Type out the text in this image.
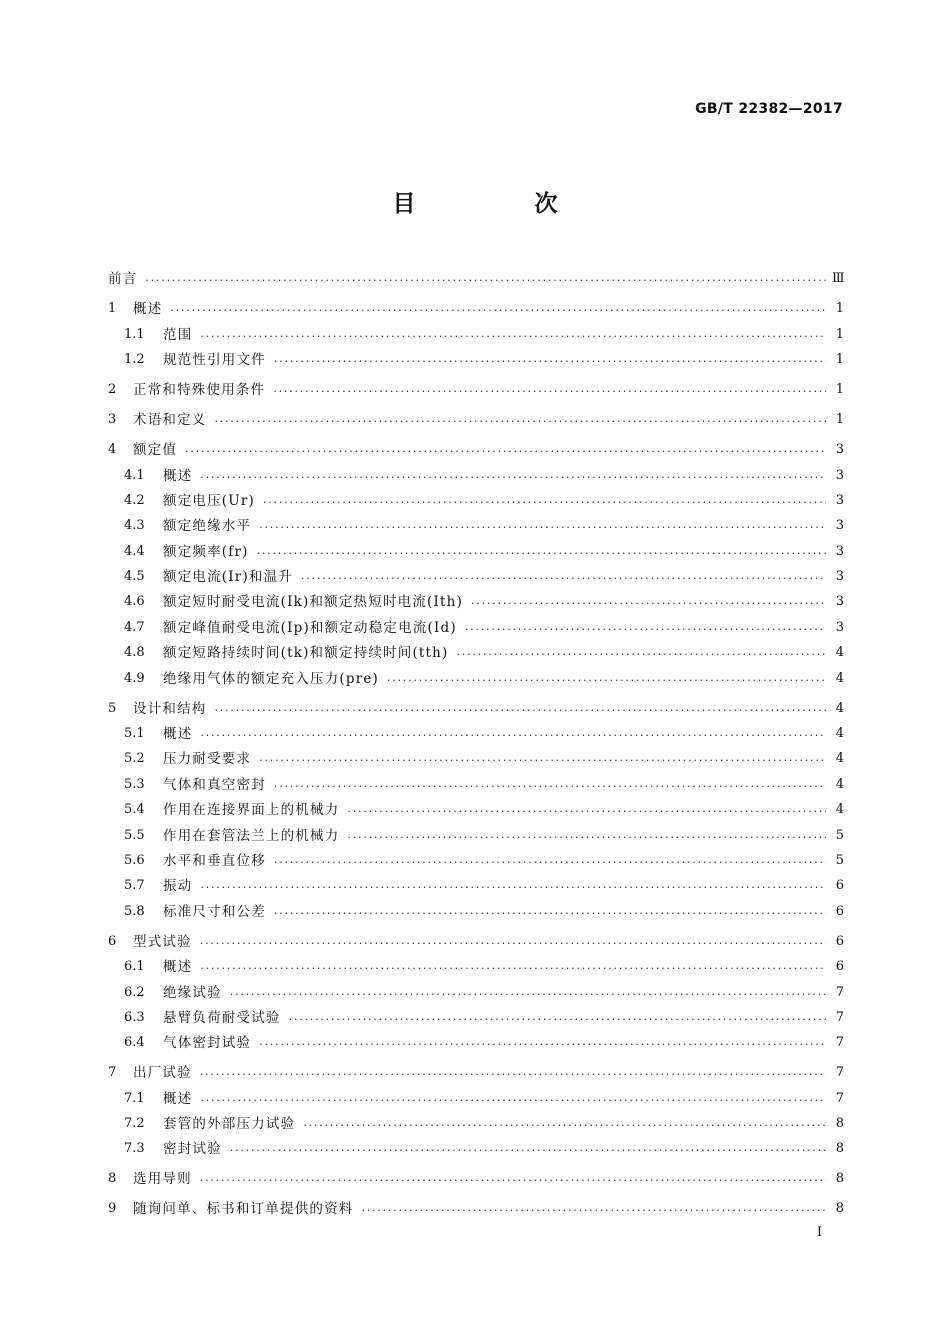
GB/T 22382—2017
目　次
前言 ·····	Ⅲ
1	概述 ·····	1
1.1	范围 ·····	1
1.2	规范性引用文件 ·····	1
2	正常和特殊使用条件 ·····	1
3	术语和定义 ·····	1
4	额定值 ·····	3
4.1	概述 ·····	3
4.2	额定电压(Ur) ·····	3
4.3	额定绝缘水平 ·····	3
4.4	额定频率(fr) ·····	3
4.5	额定电流(Ir)和温升 ·····	3
4.6	额定短时耐受电流(Ik)和额定热短时电流(Ith) ·····	3
4.7	额定峰值耐受电流(Ip)和额定动稳定电流(Id) ·····	3
4.8	额定短路持续时间(tk)和额定持续时间(tth) ·····	4
4.9	绝缘用气体的额定充入压力(pre) ·····	4
5	设计和结构 ·····	4
5.1	概述 ·····	4
5.2	压力耐受要求 ·····	4
5.3	气体和真空密封 ·····	4
5.4	作用在连接界面上的机械力 ·····	4
5.5	作用在套管法兰上的机械力 ·····	5
5.6	水平和垂直位移 ·····	5
5.7	振动 ·····	6
5.8	标准尺寸和公差 ·····	6
6	型式试验 ·····	6
6.1	概述 ·····	6
6.2	绝缘试验 ·····	7
6.3	悬臂负荷耐受试验 ·····	7
6.4	气体密封试验 ·····	7
7	出厂试验 ·····	7
7.1	概述 ·····	7
7.2	套管的外部压力试验 ·····	8
7.3	密封试验 ·····	8
8	选用导则 ·····	8
9	随询问单、标书和订单提供的资料 ·····	8
I
